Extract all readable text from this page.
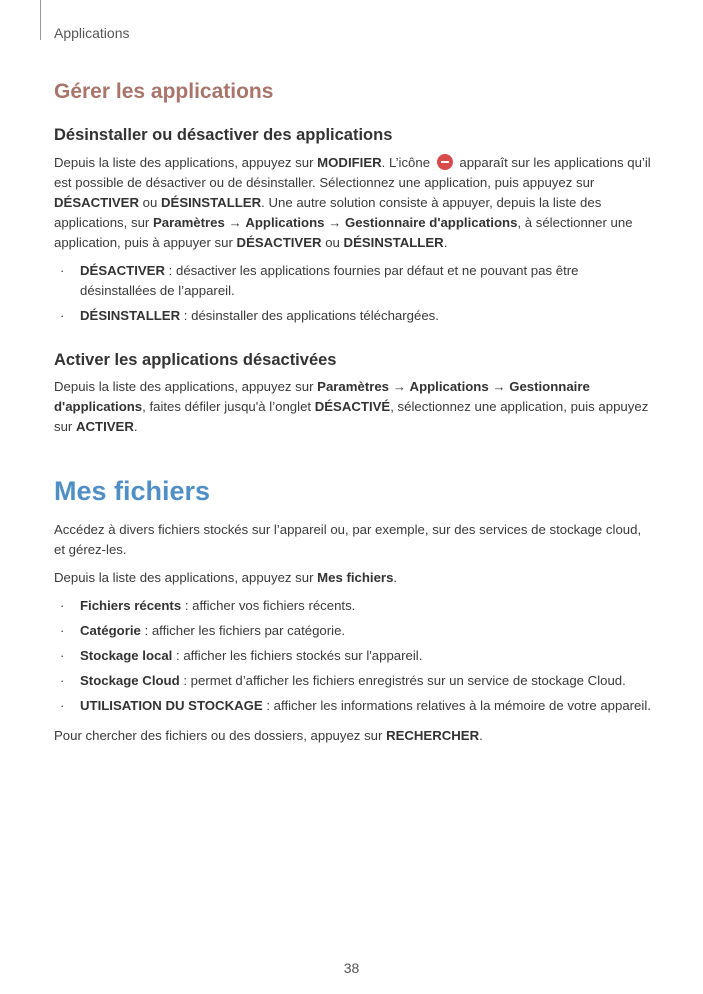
Applications
Gérer les applications
Désinstaller ou désactiver des applications

Depuis la liste des applications, appuyez sur MODIFIER. L’icône  apparaît sur les applications qu’il est possible de désactiver ou de désinstaller. Sélectionnez une application, puis appuyez sur DÉSACTIVER ou DÉSINSTALLER. Une autre solution consiste à appuyer, depuis la liste des applications, sur Paramètres → Applications → Gestionnaire d'applications, à sélectionner une application, puis à appuyer sur DÉSACTIVER ou DÉSINSTALLER.

· DÉSACTIVER : désactiver les applications fournies par défaut et ne pouvant pas être désinstallées de l’appareil.
· DÉSINSTALLER : désinstaller des applications téléchargées.
Activer les applications désactivées

Depuis la liste des applications, appuyez sur Paramètres → Applications → Gestionnaire d'applications, faites défiler jusqu'à l’onglet DÉSACTIVÉ, sélectionnez une application, puis appuyez sur ACTIVER.

Mes fichiers

Accédez à divers fichiers stockés sur l’appareil ou, par exemple, sur des services de stockage cloud, et gérez-les.

Depuis la liste des applications, appuyez sur Mes fichiers.

· Fichiers récents : afficher vos fichiers récents.
· Catégorie : afficher les fichiers par catégorie.
· Stockage local : afficher les fichiers stockés sur l'appareil.
· Stockage Cloud : permet d’afficher les fichiers enregistrés sur un service de stockage Cloud.
· UTILISATION DU STOCKAGE : afficher les informations relatives à la mémoire de votre appareil.

Pour chercher des fichiers ou des dossiers, appuyez sur RECHERCHER.

38
